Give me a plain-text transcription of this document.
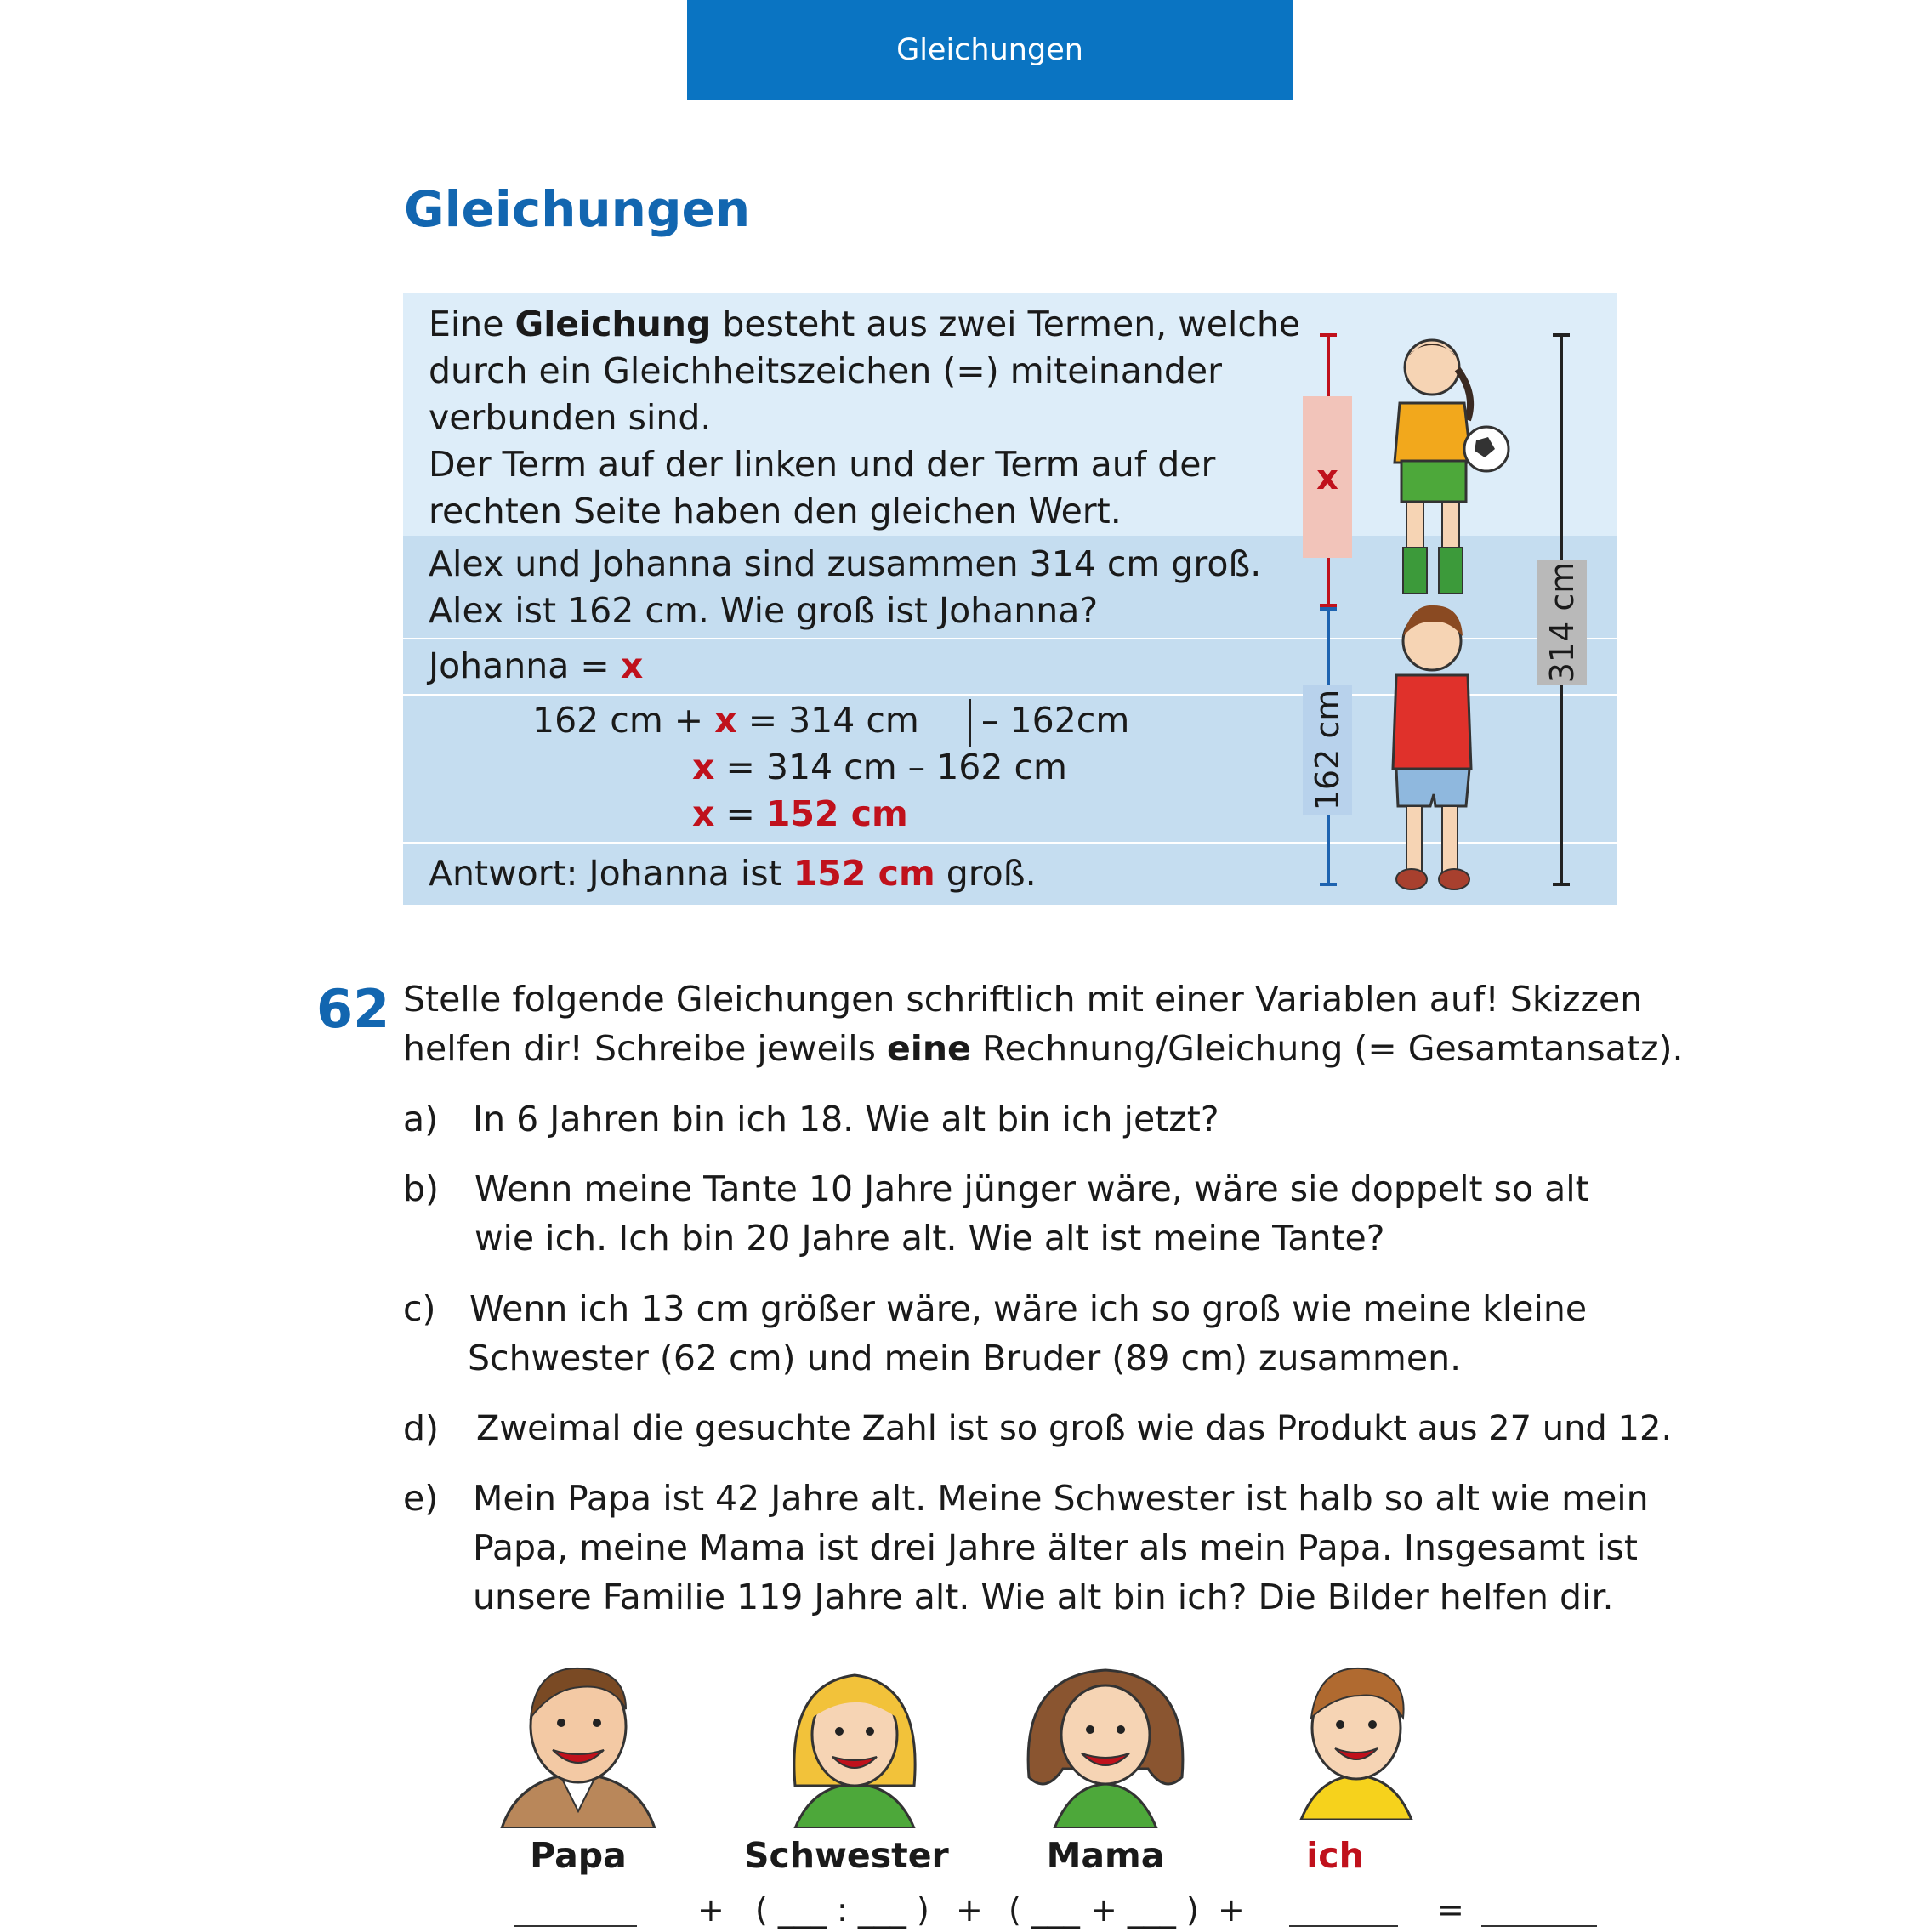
Gleichungen
Gleichungen
Eine Gleichung besteht aus zwei Termen, welche
durch ein Gleichheitszeichen (=) miteinander
verbunden sind.
Der Term auf der linken und der Term auf der
rechten Seite haben den gleichen Wert.
Alex und Johanna sind zusammen 314 cm groß.
Alex ist 162 cm. Wie groß ist Johanna?
Johanna = x
162 cm + x = 314 cm – 162cm
x = 314 cm – 162 cm
x = 152 cm
Antwort: Johanna ist 152 cm groß.
x
162 cm
314 cm
62 Stelle folgende Gleichungen schriftlich mit einer Variablen auf! Skizzen
helfen dir! Schreibe jeweils eine Rechnung/Gleichung (= Gesamtansatz).
a) In 6 Jahren bin ich 18. Wie alt bin ich jetzt?
b) Wenn meine Tante 10 Jahre jünger wäre, wäre sie doppelt so alt
wie ich. Ich bin 20 Jahre alt. Wie alt ist meine Tante?
c) Wenn ich 13 cm größer wäre, wäre ich so groß wie meine kleine
Schwester (62 cm) und mein Bruder (89 cm) zusammen.
d) Zweimal die gesuchte Zahl ist so groß wie das Produkt aus 27 und 12.
e) Mein Papa ist 42 Jahre alt. Meine Schwester ist halb so alt wie mein
Papa, meine Mama ist drei Jahre älter als mein Papa. Insgesamt ist
unsere Familie 119 Jahre alt. Wie alt bin ich? Die Bilder helfen dir.
Papa	Schwester	Mama	ich
+ ( ___ : ___ ) + ( ___ + ___ ) +	=
